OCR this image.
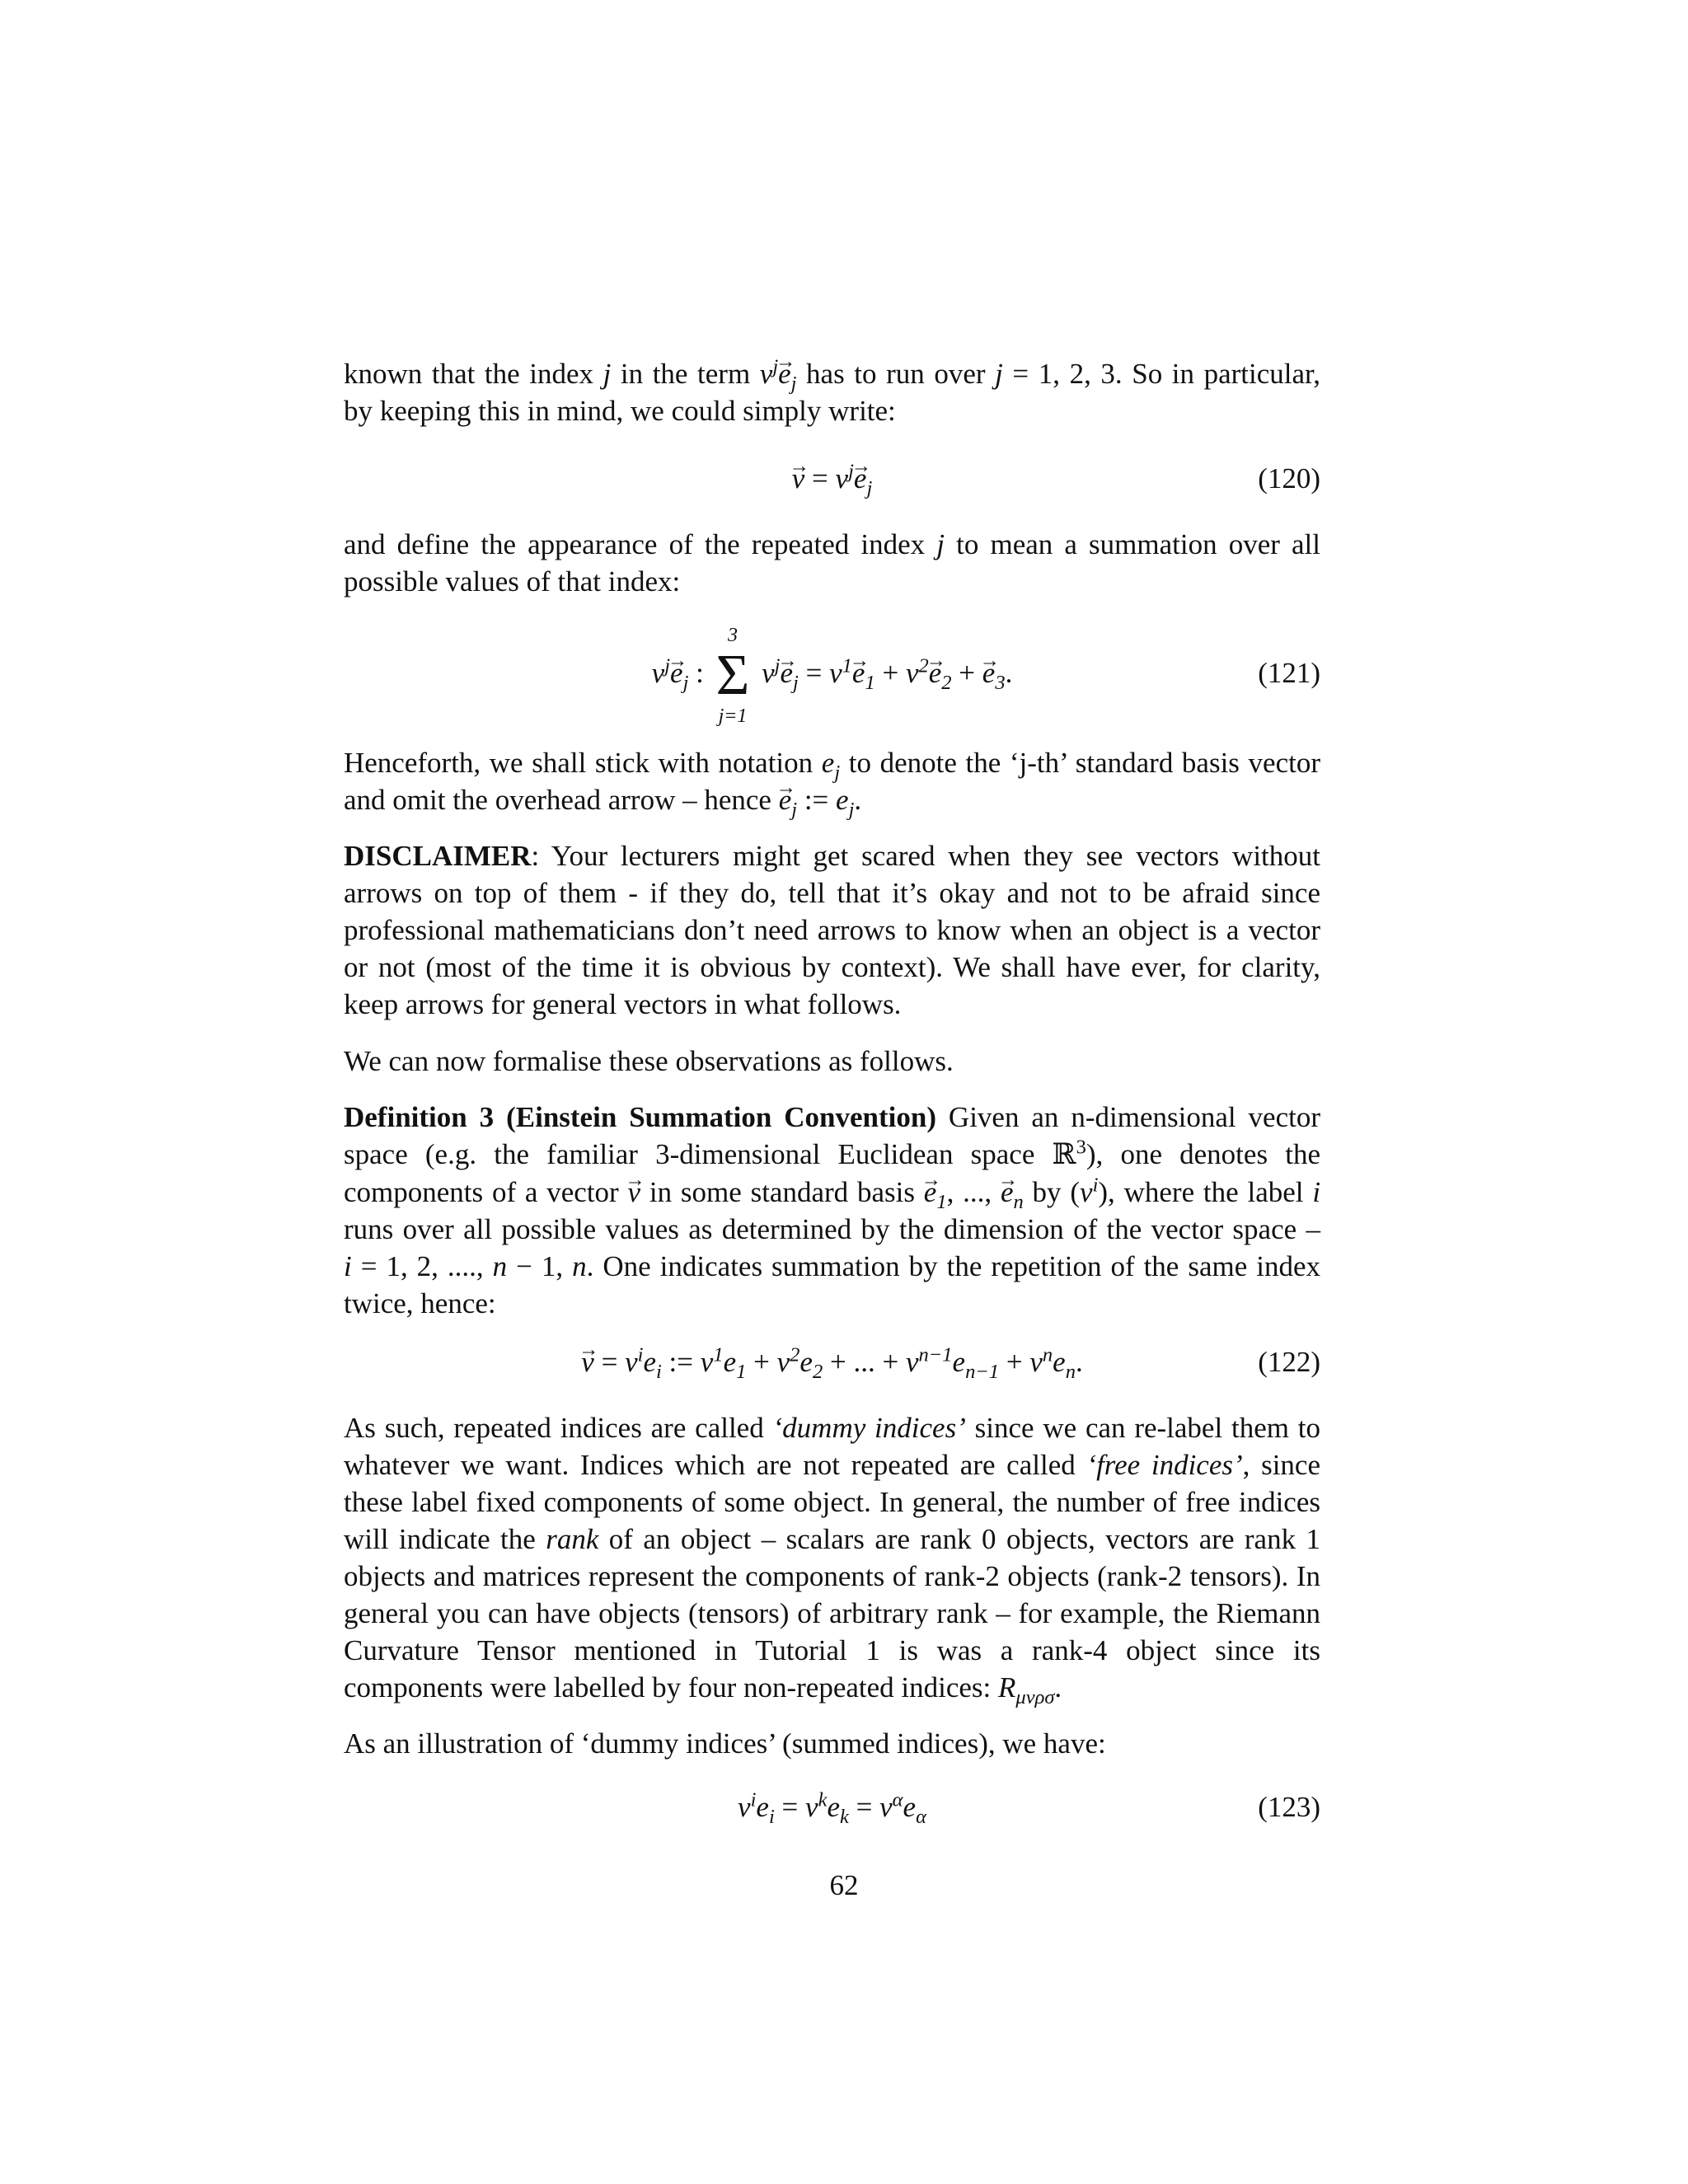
known that the index j in the term $v^j\to e_j$ has to run over j = 1, 2, 3. So in particular,

by keeping this in mind, we could simply write:

→ $v = v^j\to e_j$	(120)

and define the appearance of the repeated index j to mean a summation over all

possible values of that index:

$v^j\to e_j$ :
3
Σ
j=1
$v^j\to e_j = v^1\to e_1 + v^2\to e_2$ + → $e_3$.	(121)

Henceforth, we shall stick with notation $e_j$ to denote the ‘j-th’ standard basis vector

and omit the overhead arrow – hence → $e_j$ := $e_j$.

DISCLAIMER: Your lecturers might get scared when they see vectors without arrows on top of them - if they do, tell that it’s okay and not to be afraid since professional mathematicians don’t need arrows to know when an object is a vector or not (most of the time it is obvious by context). We shall have ever, for clarity, keep arrows for general vectors in what follows.

We can now formalise these observations as follows.

Definition 3 (Einstein Summation Convention) Given an n-dimensional vector space (e.g. the familiar 3-dimensional Euclidean space ℝ$^3$), one denotes the components of a vector → v in some standard basis → $e_1$, ..., → $e_n$ by $(v^i)$, where the label i runs over all possible values as determined by the dimension of the vector space – i = 1, 2, ...., n − 1, n. One indicates summation by the repetition of the same index twice, hence:

→ $v = v^ie_i$ := $v^1e_1 + v^2e_2$ + ... + $v^{n-1}e_{n-1} + v^ne_n$.	(122)

As such, repeated indices are called ‘dummy indices’ since we can re-label them to whatever we want. Indices which are not repeated are called ‘free indices’, since these label fixed components of some object. In general, the number of free indices will indicate the rank of an object – scalars are rank 0 objects, vectors are rank 1 objects and matrices represent the components of rank-2 objects (rank-2 tensors). In general you can have objects (tensors) of arbitrary rank – for example, the Riemann Curvature Tensor mentioned in Tutorial 1 is was a rank-4 object since its components were labelled by four non-repeated indices: $R_{\mu\nu\rho\sigma}$.

As an illustration of ‘dummy indices’ (summed indices), we have:

$v^ie_i = v^ke_k = v^\alpha e_\alpha$	(123)
62
